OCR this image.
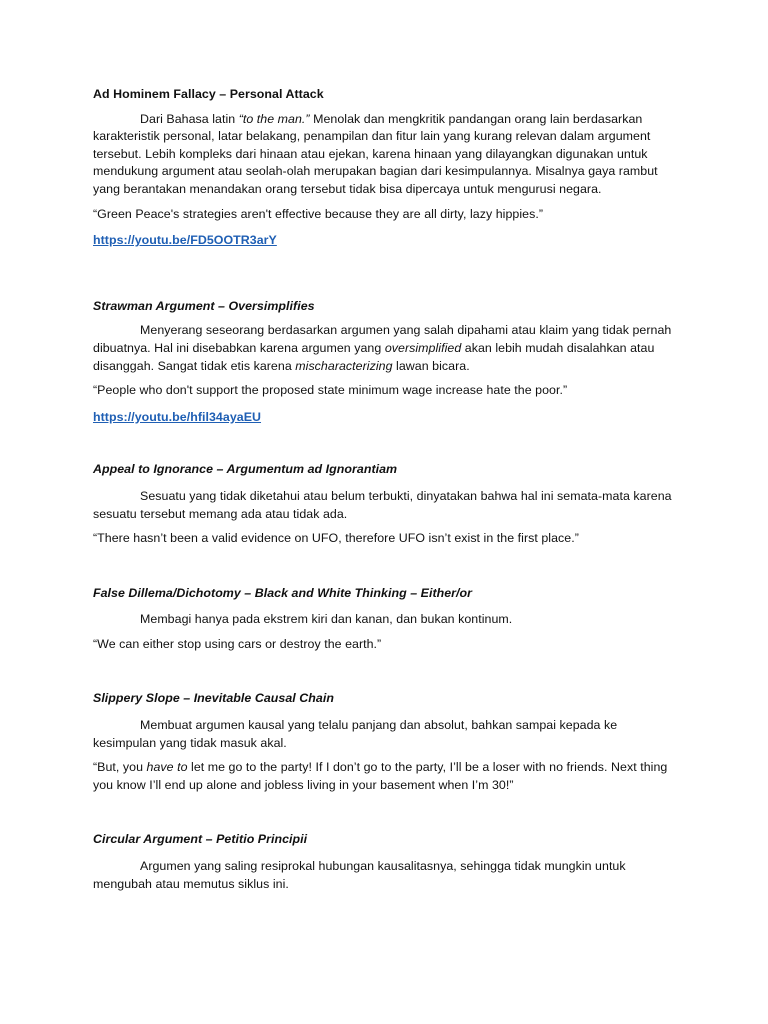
Ad Hominem Fallacy – Personal Attack

Dari Bahasa latin “to the man.” Menolak dan mengkritik pandangan orang lain berdasarkan karakteristik personal, latar belakang, penampilan dan fitur lain yang kurang relevan dalam argument tersebut. Lebih kompleks dari hinaan atau ejekan, karena hinaan yang dilayangkan digunakan untuk mendukung argument atau seolah-olah merupakan bagian dari kesimpulannya. Misalnya gaya rambut yang berantakan menandakan orang tersebut tidak bisa dipercaya untuk mengurusi negara.

“Green Peace's strategies aren't effective because they are all dirty, lazy hippies.”

https://youtu.be/FD5OOTR3arY

Strawman Argument – Oversimplifies

Menyerang seseorang berdasarkan argumen yang salah dipahami atau klaim yang tidak pernah dibuatnya. Hal ini disebabkan karena argumen yang oversimplified akan lebih mudah disalahkan atau disanggah. Sangat tidak etis karena mischaracterizing lawan bicara.

“People who don't support the proposed state minimum wage increase hate the poor.”

https://youtu.be/hfil34ayaEU

Appeal to Ignorance – Argumentum ad Ignorantiam

Sesuatu yang tidak diketahui atau belum terbukti, dinyatakan bahwa hal ini semata-mata karena sesuatu tersebut memang ada atau tidak ada.

“There hasn’t been a valid evidence on UFO, therefore UFO isn’t exist in the first place.”

False Dillema/Dichotomy – Black and White Thinking – Either/or

Membagi hanya pada ekstrem kiri dan kanan, dan bukan kontinum.

“We can either stop using cars or destroy the earth.”

Slippery Slope – Inevitable Causal Chain

Membuat argumen kausal yang telalu panjang dan absolut, bahkan sampai kepada ke kesimpulan yang tidak masuk akal.

“But, you have to let me go to the party! If I don’t go to the party, I’ll be a loser with no friends. Next thing you know I’ll end up alone and jobless living in your basement when I’m 30!”

Circular Argument – Petitio Principii

Argumen yang saling resiprokal hubungan kausalitasnya, sehingga tidak mungkin untuk mengubah atau memutus siklus ini.
